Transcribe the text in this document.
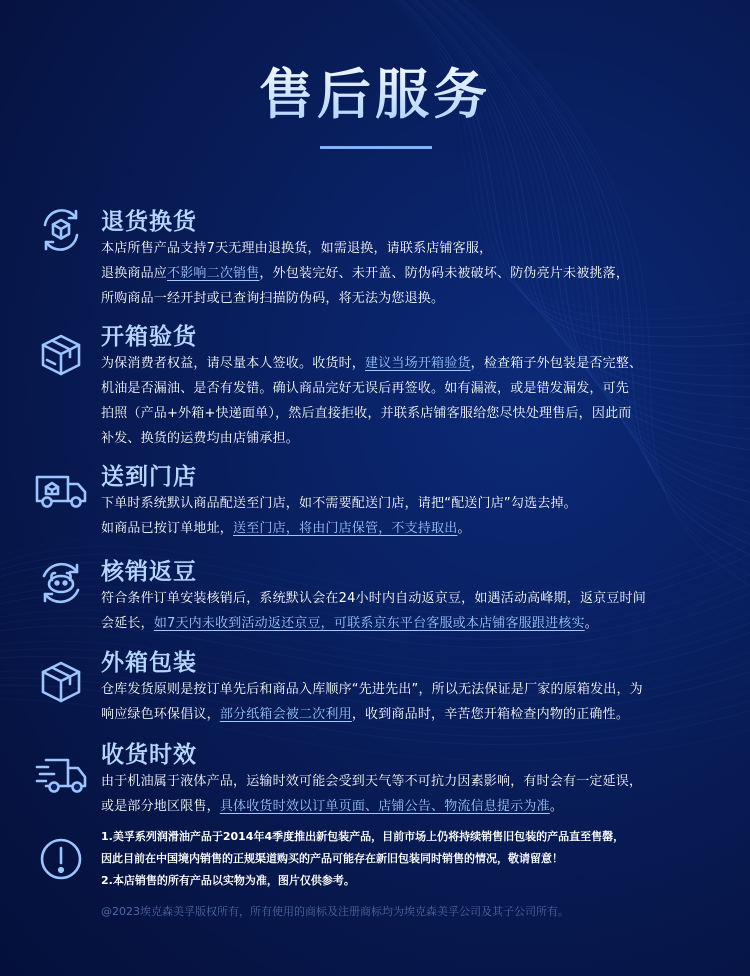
售后服务
退货换货
本店所售产品支持7天无理由退换货，如需退换，请联系店铺客服，
退换商品应不影响二次销售，外包装完好、未开盖、防伪码未被破坏、防伪亮片未被挑落，
所购商品一经开封或已查询扫描防伪码，将无法为您退换。
开箱验货
为保消费者权益，请尽量本人签收。收货时，建议当场开箱验货，检查箱子外包装是否完整、
机油是否漏油、是否有发错。确认商品完好无误后再签收。如有漏液，或是错发漏发，可先
拍照（产品+外箱+快递面单），然后直接拒收，并联系店铺客服给您尽快处理售后，因此而
补发、换货的运费均由店铺承担。
送到门店
下单时系统默认商品配送至门店，如不需要配送门店，请把“配送门店”勾选去掉。
如商品已按订单地址，送至门店，将由门店保管，不支持取出。
核销返豆
符合条件订单安装核销后，系统默认会在24小时内自动返京豆，如遇活动高峰期，返京豆时间
会延长，如7天内未收到活动返还京豆，可联系京东平台客服或本店铺客服跟进核实。
外箱包装
仓库发货原则是按订单先后和商品入库顺序“先进先出”，所以无法保证是厂家的原箱发出，为
响应绿色环保倡议，部分纸箱会被二次利用，收到商品时，辛苦您开箱检查内物的正确性。
收货时效
由于机油属于液体产品，运输时效可能会受到天气等不可抗力因素影响，有时会有一定延误，
或是部分地区限售，具体收货时效以订单页面、店铺公告、物流信息提示为准。
1.美孚系列润滑油产品于2014年4季度推出新包装产品，目前市场上仍将持续销售旧包装的产品直至售罄，
因此目前在中国境内销售的正规渠道购买的产品可能存在新旧包装同时销售的情况，敬请留意！
2.本店销售的所有产品以实物为准，图片仅供参考。
@2023埃克森美孚版权所有，所有使用的商标及注册商标均为埃克森美孚公司及其子公司所有。
